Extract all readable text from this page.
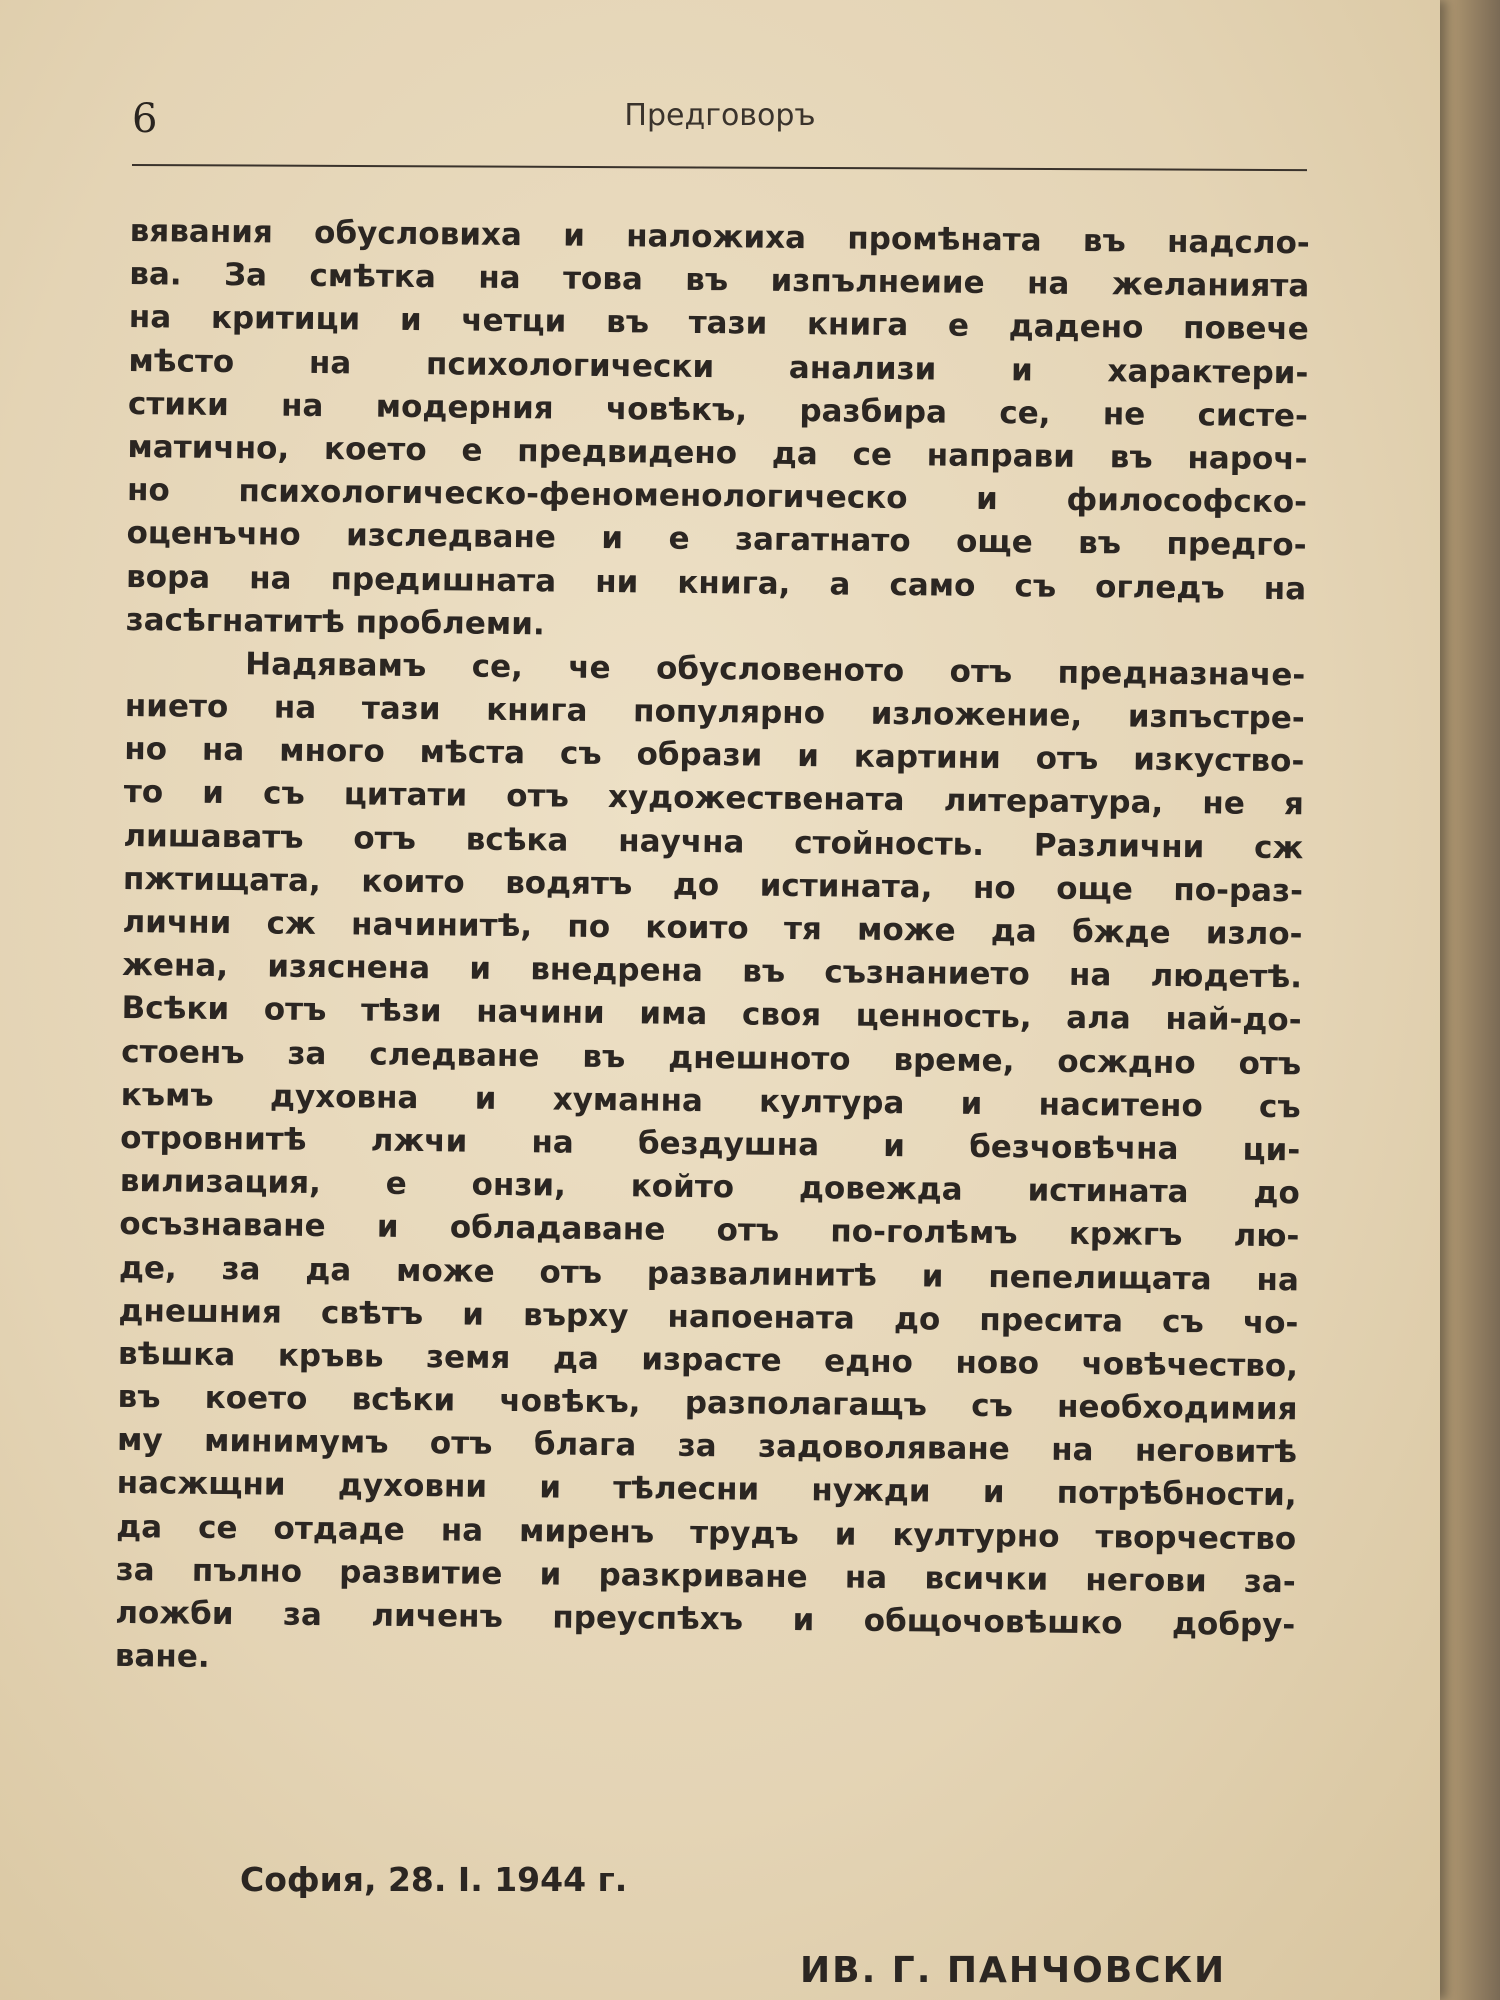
6	Предговоръ
вявания обусловиха и наложиха промѣната въ надсло-
ва. За смѣтка на това въ изпълнеиие на желанията
на критици и четци въ тази книга е дадено повече
мѣсто на психологически анализи и характери-
стики на модерния човѣкъ, разбира се, не систе-
матично, което е предвидено да се направи въ нароч-
но психологическо-феноменологическо и философско-
оценъчно изследване и е загатнато още въ предго-
вора на предишната ни книга, а само съ огледъ на
засѣгнатитѣ проблеми.
Надявамъ се, че обусловеното отъ предназначе-
нието на тази книга популярно изложение, изпъстре-
но на много мѣста съ образи и картини отъ изкуство-
то и съ цитати отъ художествената литература, не я
лишаватъ отъ всѣка научна стойность. Различни сж
пжтищата, които водятъ до истината, но още по-раз-
лични сж начинитѣ, по които тя може да бжде изло-
жена, изяснена и внедрена въ съзнанието на людетѣ.
Всѣки отъ тѣзи начини има своя ценность, ала най-до-
стоенъ за следване въ днешното време, осждно отъ
къмъ духовна и хуманна култура и наситено съ
отровнитѣ лжчи на бездушна и безчовѣчна ци-
вилизация, е онзи, който довежда истината до
осъзнаване и обладаване отъ по-голѣмъ кржгъ лю-
де, за да може отъ развалинитѣ и пепелищата на
днешния свѣтъ и върху напоената до пресита съ чо-
вѣшка кръвь земя да израсте едно ново човѣчество,
въ което всѣки човѣкъ, разполагащъ съ необходимия
му минимумъ отъ блага за задоволяване на неговитѣ
насжщни духовни и тѣлесни нужди и потрѣбности,
да се отдаде на миренъ трудъ и културно творчество
за пълно развитие и разкриване на всички негови за-
ложби за личенъ преуспѣхъ и общочовѣшко добру-
ване.
София, 28. I. 1944 г.
ИВ. Г. ПАНЧОВСКИ
